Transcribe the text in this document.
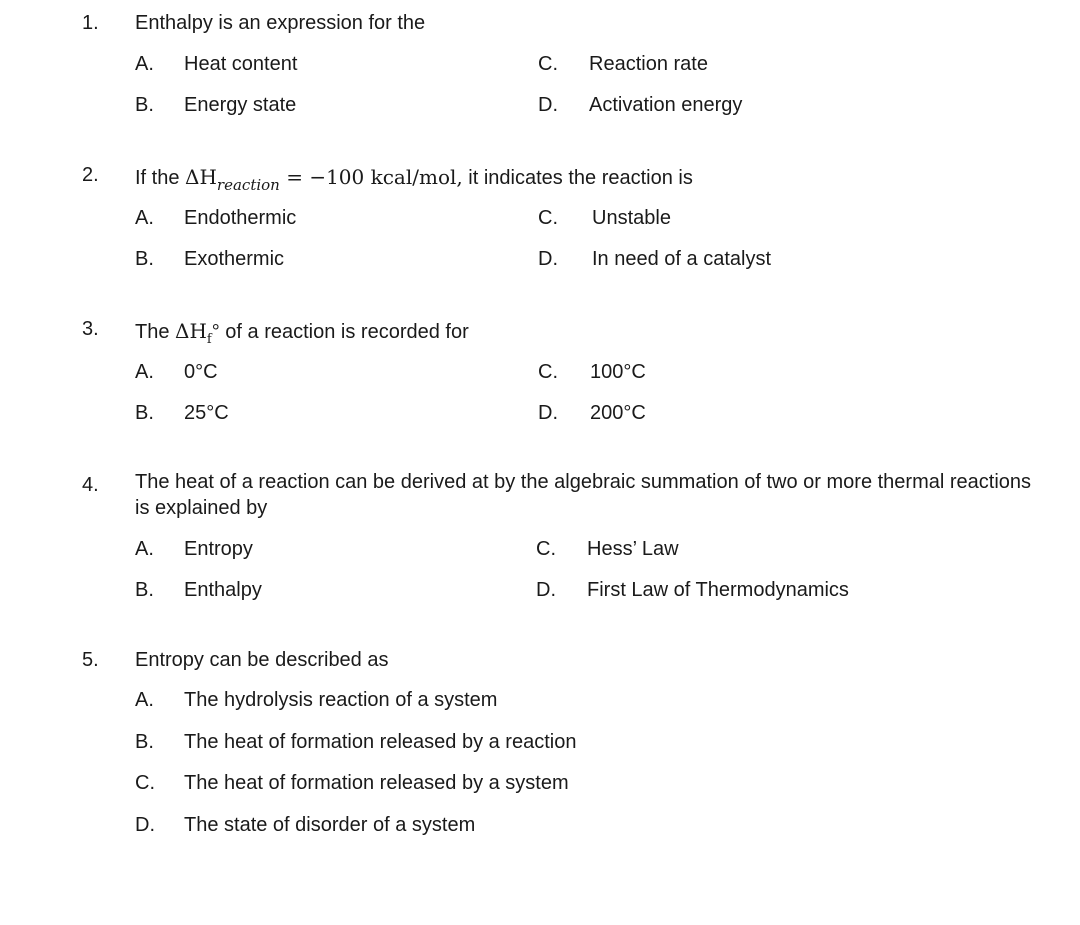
1. Enthalpy is an expression for the
A. Heat content	C. Reaction rate
B. Energy state	D. Activation energy
2. If the $\Delta H_{reaction} = -100$ kcal/mol, it indicates the reaction is
A. Endothermic	C. Unstable
B. Exothermic	D. In need of a catalyst
3. The $\Delta H_f^\circ$ of a reaction is recorded for
A. 0°C	C. 100°C
B. 25°C	D. 200°C
4. The heat of a reaction can be derived at by the algebraic summation of two or more thermal reactions is explained by
A. Entropy	C. Hess’ Law
B. Enthalpy	D. First Law of Thermodynamics
5. Entropy can be described as
A. The hydrolysis reaction of a system
B. The heat of formation released by a reaction
C. The heat of formation released by a system
D. The state of disorder of a system
